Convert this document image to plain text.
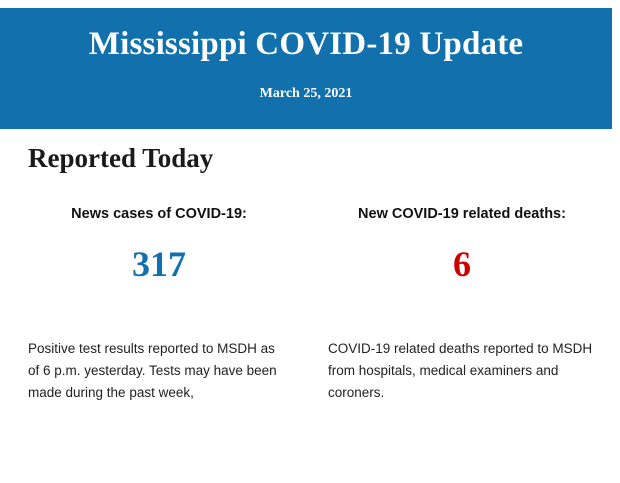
Mississippi COVID-19 Update
March 25, 2021
Reported Today
News cases of COVID-19:
317
Positive test results reported to MSDH as of 6 p.m. yesterday. Tests may have been made during the past week,
New COVID-19 related deaths:
6
COVID-19 related deaths reported to MSDH from hospitals, medical examiners and coroners.
